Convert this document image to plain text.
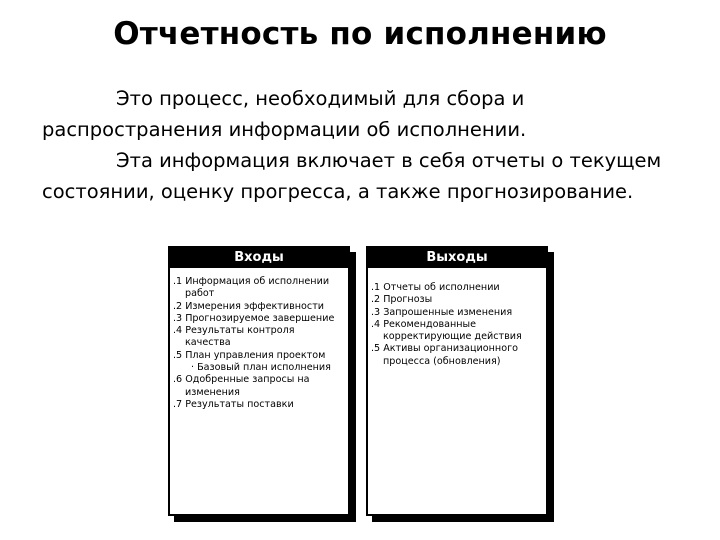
Отчетность по исполнению

Это процесс, необходимый для сбора и распространения информации об исполнении.

Эта информация включает в себя отчеты о текущем состоянии, оценку прогресса, а также прогнозирование.

Входы
.1 Информация об исполнении
работ
.2 Измерения эффективности
.3 Прогнозируемое завершение
.4 Результаты контроля
качества
.5 План управления проектом
· Базовый план исполнения
.6 Одобренные запросы на
изменения
.7 Результаты поставки
Выходы
.1 Отчеты об исполнении
.2 Прогнозы
.3 Запрошенные изменения
.4 Рекомендованные
корректирующие действия
.5 Активы организационного
процесса (обновления)
